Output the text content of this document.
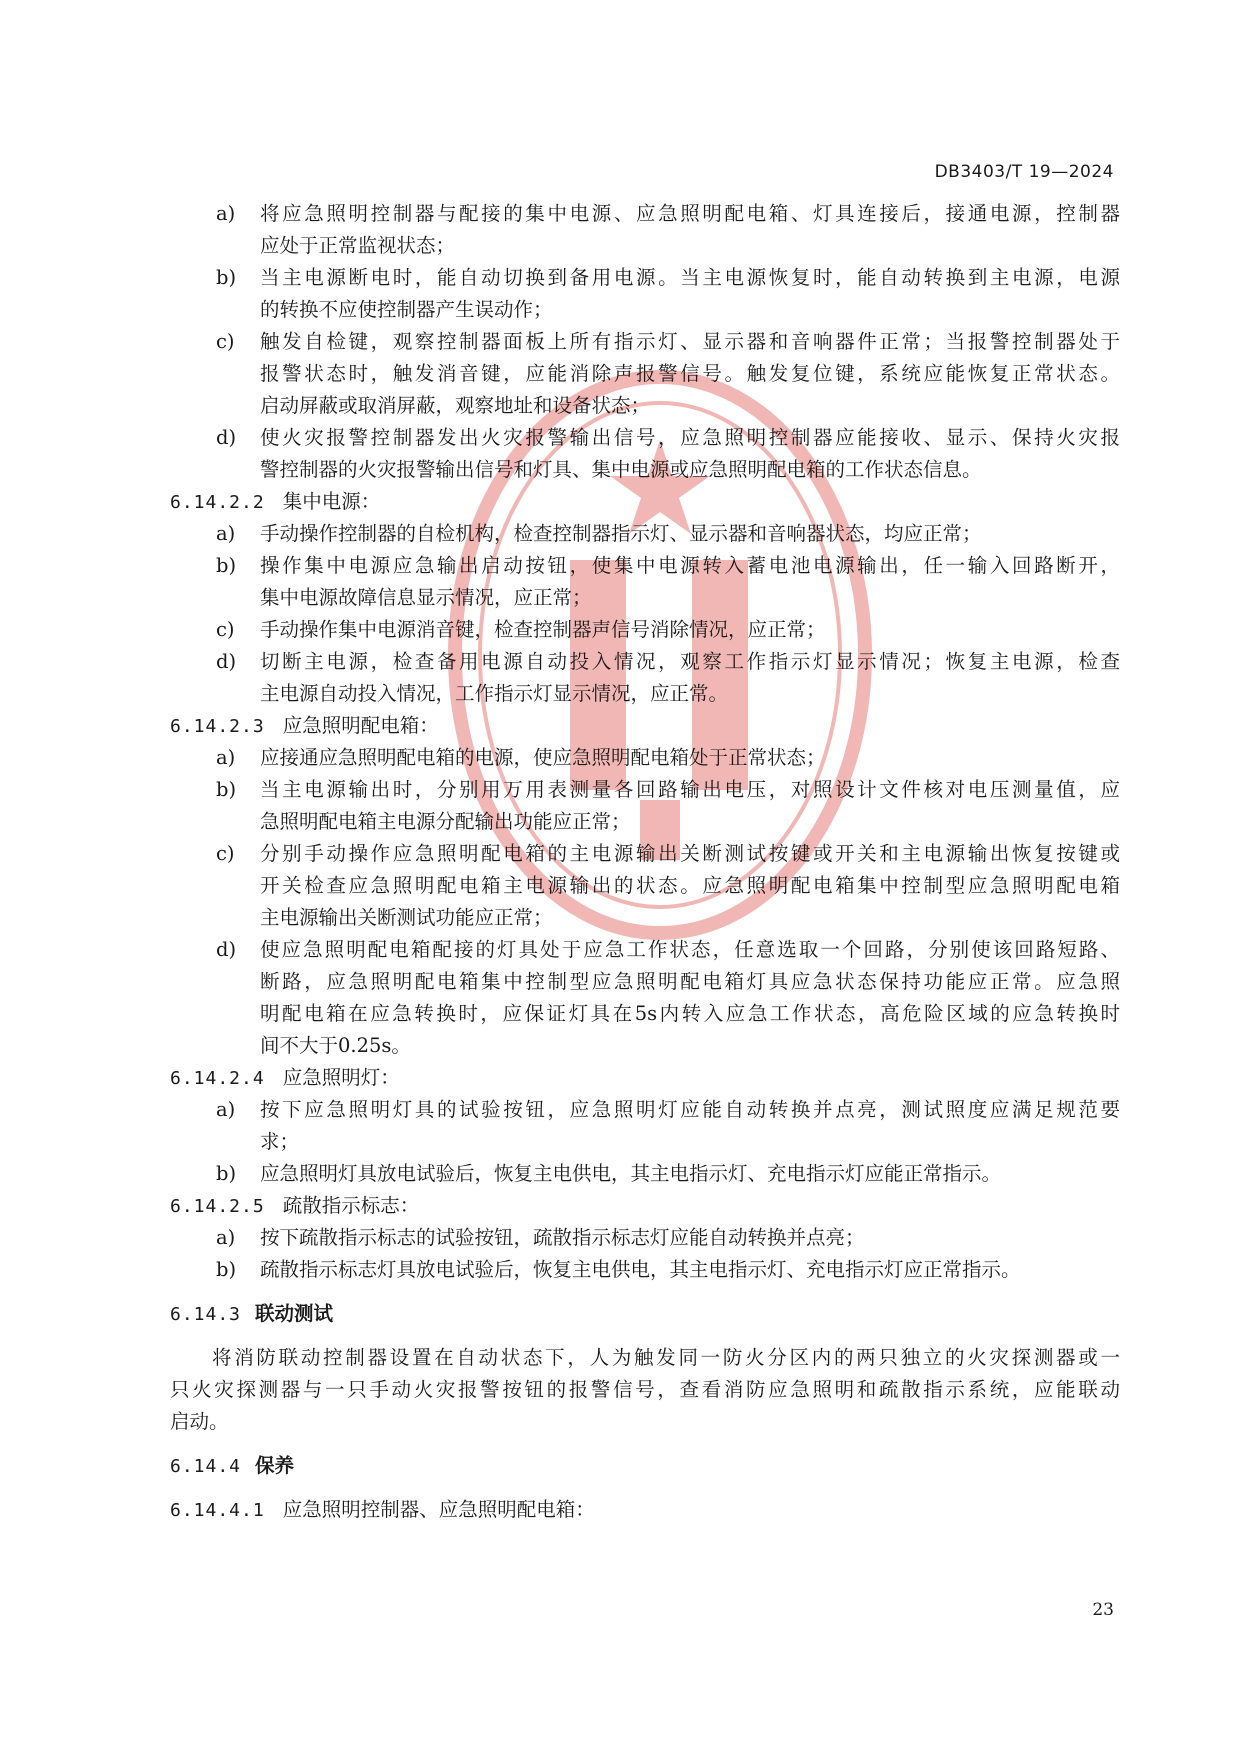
DB3403/T 19—2024
a)	将应急照明控制器与配接的集中电源、应急照明配电箱、灯具连接后，接通电源，控制器
应处于正常监视状态；
b)	当主电源断电时，能自动切换到备用电源。当主电源恢复时，能自动转换到主电源，电源
的转换不应使控制器产生误动作；
c)	触发自检键，观察控制器面板上所有指示灯、显示器和音响器件正常；当报警控制器处于
报警状态时，触发消音键，应能消除声报警信号。触发复位键，系统应能恢复正常状态。
启动屏蔽或取消屏蔽，观察地址和设备状态；
d)	使火灾报警控制器发出火灾报警输出信号，应急照明控制器应能接收、显示、保持火灾报
警控制器的火灾报警输出信号和灯具、集中电源或应急照明配电箱的工作状态信息。
6.14.2.2 集中电源：
a)	手动操作控制器的自检机构，检查控制器指示灯、显示器和音响器状态，均应正常；
b)	操作集中电源应急输出启动按钮，使集中电源转入蓄电池电源输出，任一输入回路断开，
集中电源故障信息显示情况，应正常；
c)	手动操作集中电源消音键，检查控制器声信号消除情况，应正常；
d)	切断主电源，检查备用电源自动投入情况，观察工作指示灯显示情况；恢复主电源，检查
主电源自动投入情况，工作指示灯显示情况，应正常。
6.14.2.3 应急照明配电箱：
a)	应接通应急照明配电箱的电源，使应急照明配电箱处于正常状态；
b)	当主电源输出时，分别用万用表测量各回路输出电压，对照设计文件核对电压测量值，应
急照明配电箱主电源分配输出功能应正常；
c)	分别手动操作应急照明配电箱的主电源输出关断测试按键或开关和主电源输出恢复按键或
开关检查应急照明配电箱主电源输出的状态。应急照明配电箱集中控制型应急照明配电箱
主电源输出关断测试功能应正常；
d)	使应急照明配电箱配接的灯具处于应急工作状态，任意选取一个回路，分别使该回路短路、
断路，应急照明配电箱集中控制型应急照明配电箱灯具应急状态保持功能应正常。应急照
明配电箱在应急转换时，应保证灯具在5s内转入应急工作状态，高危险区域的应急转换时
间不大于0.25s。
6.14.2.4 应急照明灯：
a)	按下应急照明灯具的试验按钮，应急照明灯应能自动转换并点亮，测试照度应满足规范要
求；
b)	应急照明灯具放电试验后，恢复主电供电，其主电指示灯、充电指示灯应能正常指示。
6.14.2.5 疏散指示标志：
a)	按下疏散指示标志的试验按钮，疏散指示标志灯应能自动转换并点亮；
b)	疏散指示标志灯具放电试验后，恢复主电供电，其主电指示灯、充电指示灯应正常指示。
6.14.3 联动测试
将消防联动控制器设置在自动状态下，人为触发同一防火分区内的两只独立的火灾探测器或一
只火灾探测器与一只手动火灾报警按钮的报警信号，查看消防应急照明和疏散指示系统，应能联动
启动。
6.14.4 保养
6.14.4.1 应急照明控制器、应急照明配电箱：
23
